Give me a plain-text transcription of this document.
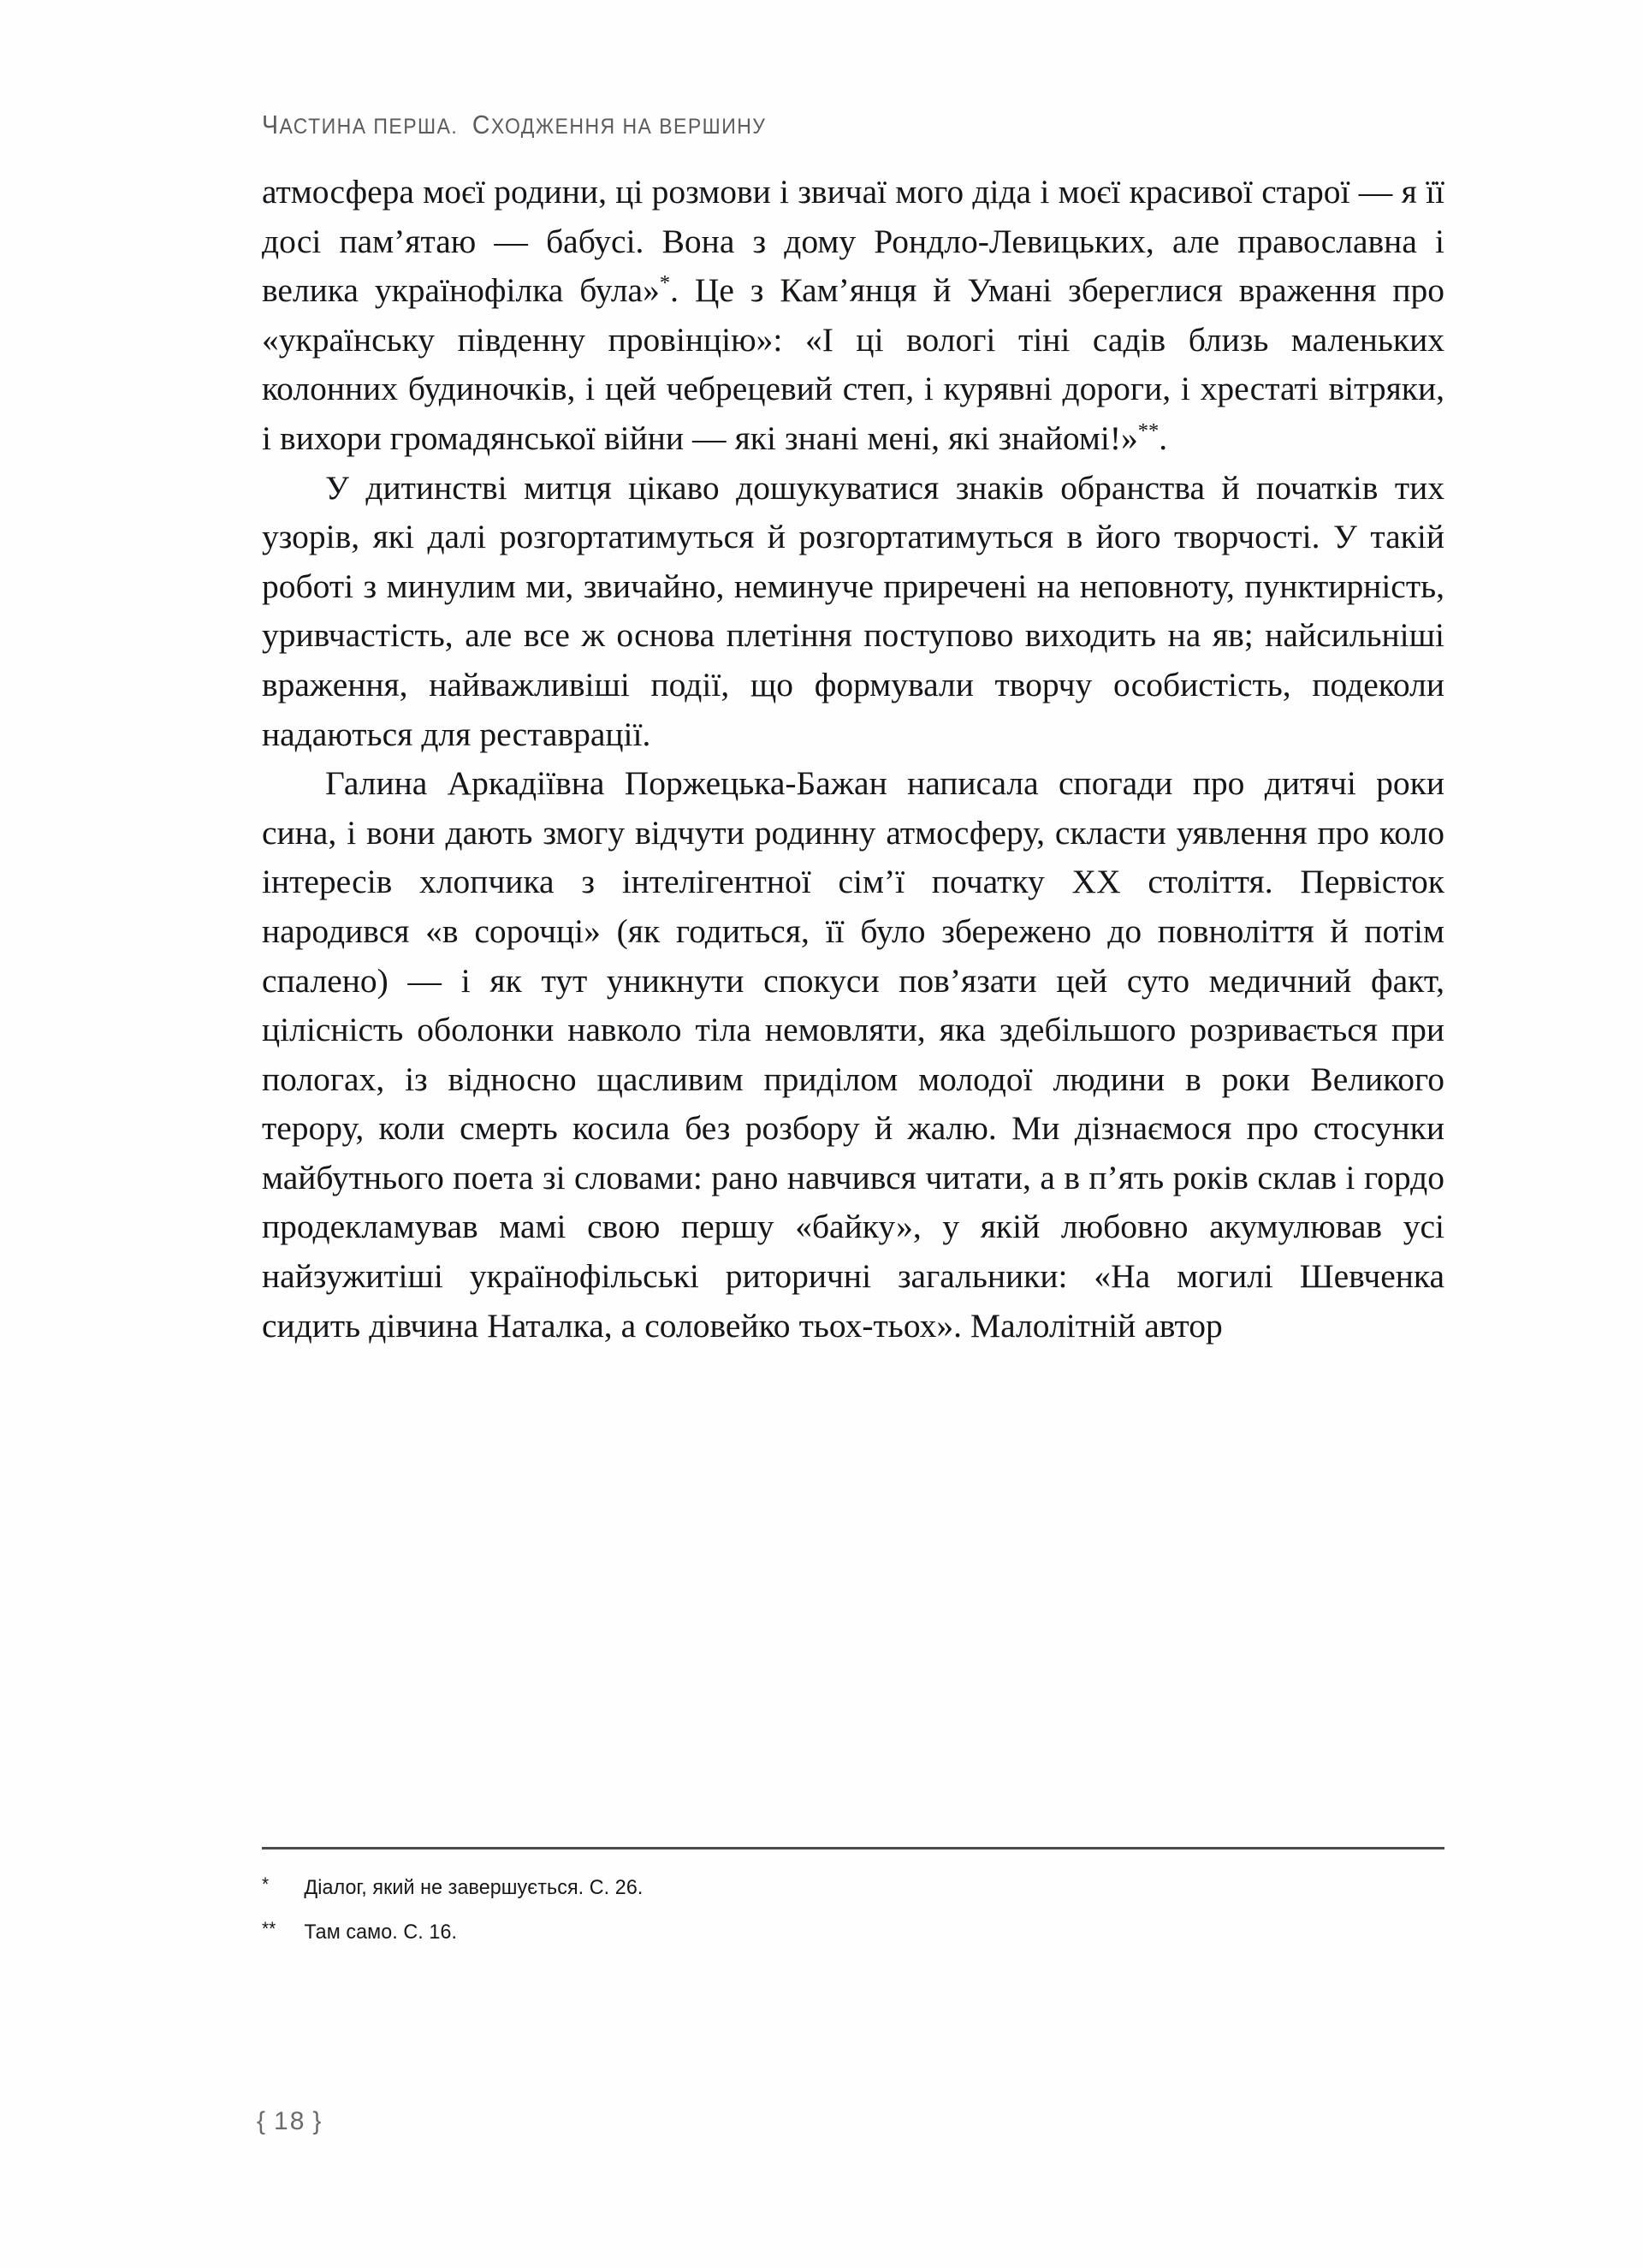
ЧАСТИНА ПЕРША. СХОДЖЕННЯ НА ВЕРШИНУ

атмосфера моєї родини, ці розмови і звичаї мого діда і моєї красивої старої — я її досі пам’ятаю — бабусі. Вона з дому Рондло-Левицьких, але православна і велика українофілка була»*. Це з Кам’янця й Умані збереглися враження про «українську південну провінцію»: «І ці вологі тіні садів близь маленьких колонних будиночків, і цей чебрецевий степ, і курявні дороги, і хрестаті вітряки, і вихори громадянської війни — які знані мені, які знайомі!»**.

У дитинстві митця цікаво дошукуватися знаків обранства й початків тих узорів, які далі розгортатимуться й розгортатимуться в його творчості. У такій роботі з минулим ми, звичайно, неминуче приречені на неповноту, пунктирність, уривчастість, але все ж основа плетіння поступово виходить на яв; найсильніші враження, найважливіші події, що формували творчу особистість, подеколи надаються для реставрації.

Галина Аркадіївна Поржецька-Бажан написала спогади про дитячі роки сина, і вони дають змогу відчути родинну атмосферу, скласти уявлення про коло інтересів хлопчика з інтелігентної сім’ї початку ХХ століття. Первісток народився «в сорочці» (як годиться, її було збережено до повноліття й потім спалено) — і як тут уникнути спокуси пов’язати цей суто медичний факт, цілісність оболонки навколо тіла немовляти, яка здебільшого розривається при пологах, із відносно щасливим приділом молодої людини в роки Великого терору, коли смерть косила без розбору й жалю. Ми дізнаємося про стосунки майбутнього поета зі словами: рано навчився читати, а в п’ять років склав і гордо продекламував мамі свою першу «байку», у якій любовно акумулював усі найзужитіші українофільські риторичні загальники: «На могилі Шевченка сидить дівчина Наталка, а соловейко тьох-тьох». Малолітній автор

*	Діалог, який не завершується. С. 26.
**	Там само. С. 16.
{ 18 }
